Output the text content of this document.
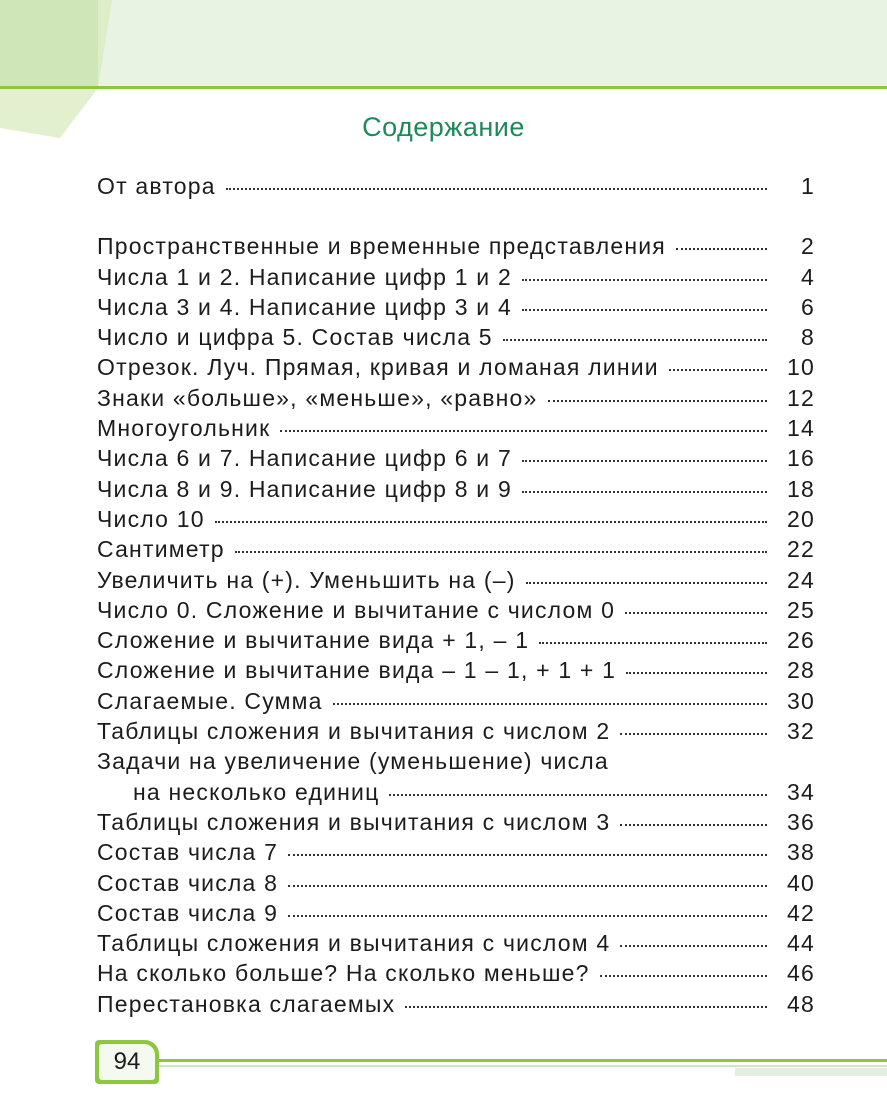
Содержание
От автора	1
Пространственные и временные представления	2
Числа 1 и 2. Написание цифр 1 и 2	4
Числа 3 и 4. Написание цифр 3 и 4	6
Число и цифра 5. Состав числа 5	8
Отрезок. Луч. Прямая, кривая и ломаная линии	10
Знаки «больше», «меньше», «равно»	12
Многоугольник	14
Числа 6 и 7. Написание цифр 6 и 7	16
Числа 8 и 9. Написание цифр 8 и 9	18
Число 10	20
Сантиметр	22
Увеличить на (+). Уменьшить на (–)	24
Число 0. Сложение и вычитание с числом 0	25
Сложение и вычитание вида + 1, – 1	26
Сложение и вычитание вида – 1 – 1, + 1 + 1	28
Слагаемые. Сумма	30
Таблицы сложения и вычитания с числом 2	32
Задачи на увеличение (уменьшение) числа
на несколько единиц	34
Таблицы сложения и вычитания с числом 3	36
Состав числа 7	38
Состав числа 8	40
Состав числа 9	42
Таблицы сложения и вычитания с числом 4	44
На сколько больше? На сколько меньше?	46
Перестановка слагаемых	48
94
